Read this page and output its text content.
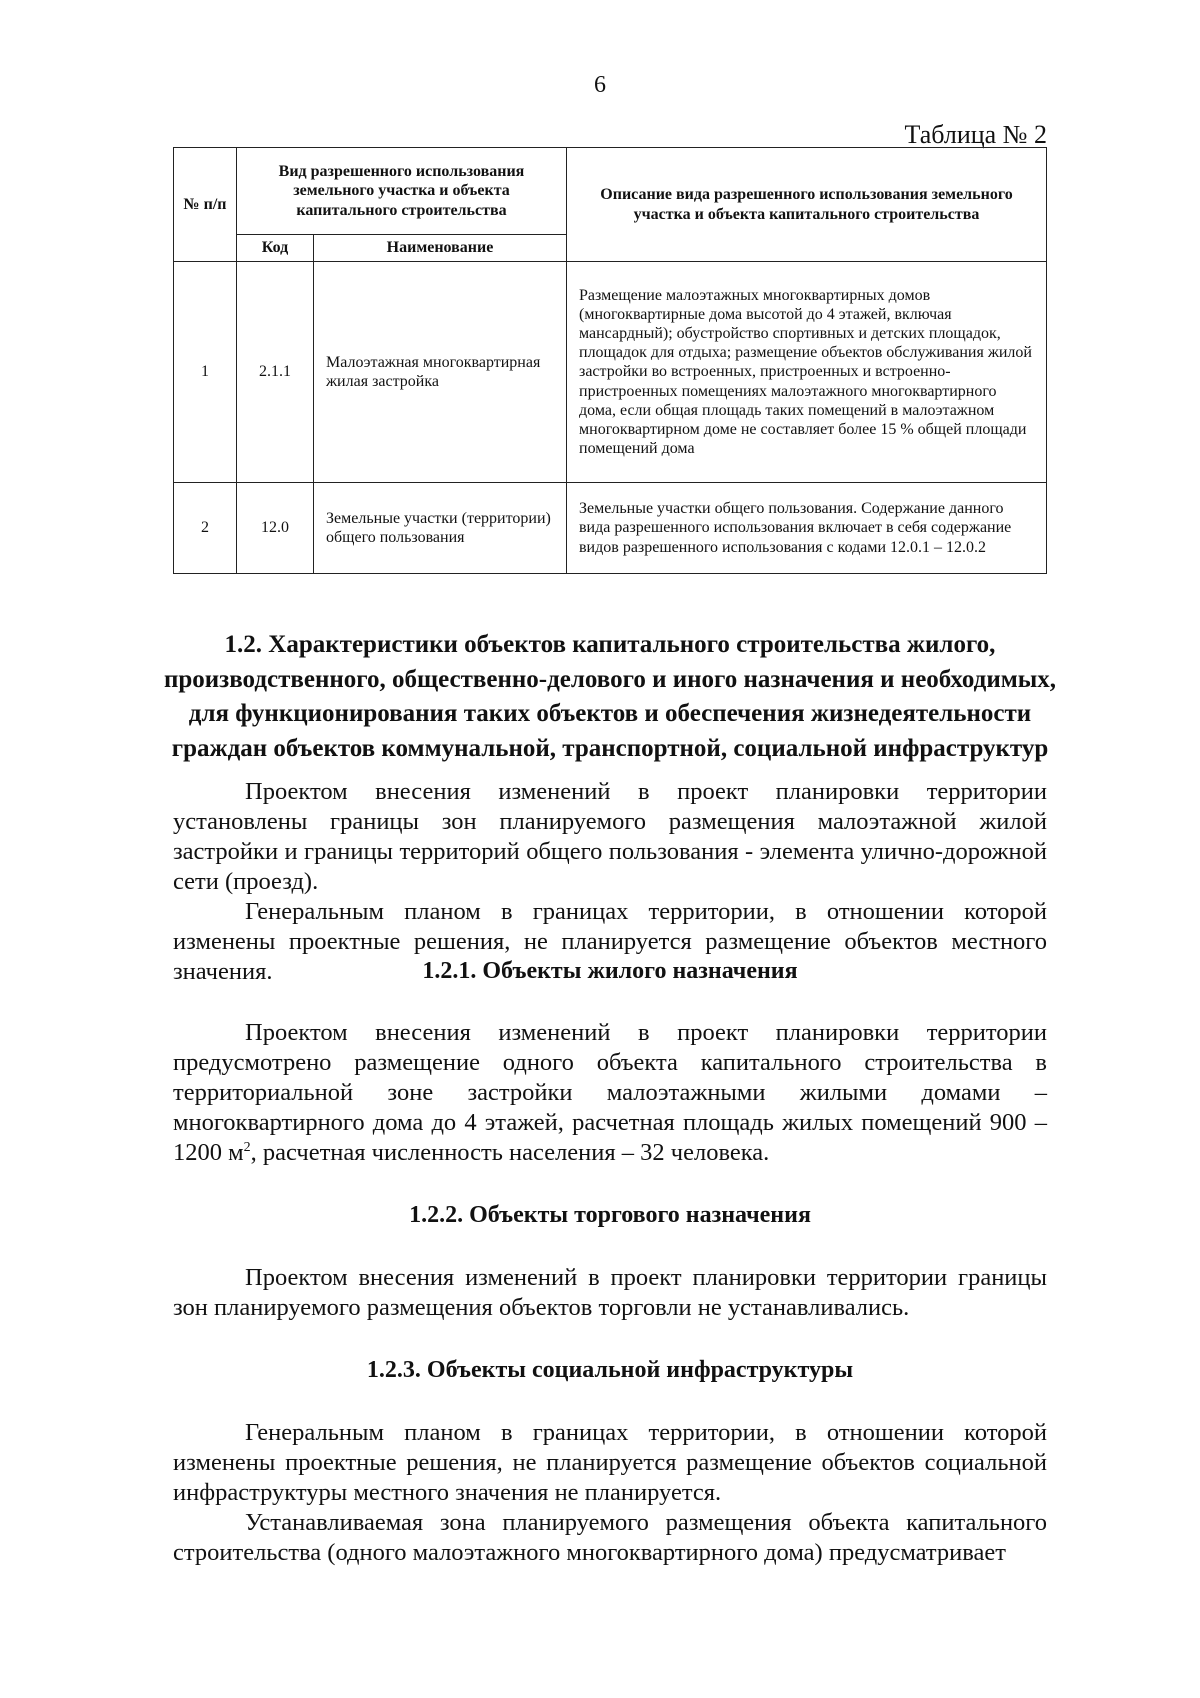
6
Таблица № 2
№ п/п	Вид разрешенного использования земельного участка и объекта капитального строительства		Описание вида разрешенного использования земельного участка и объекта капитального строительства
	Код	Наименование	
1	2.1.1	Малоэтажная многоквартирная жилая застройка	Размещение малоэтажных многоквартирных домов (многоквартирные дома высотой до 4 этажей, включая мансардный); обустройство спортивных и детских площадок, площадок для отдыха; размещение объектов обслуживания жилой застройки во встроенных, пристроенных и встроенно-пристроенных помещениях малоэтажного многоквартирного дома, если общая площадь таких помещений в малоэтажном многоквартирном доме не составляет более 15 % общей площади помещений дома
2	12.0	Земельные участки (территории) общего пользования	Земельные участки общего пользования. Содержание данного вида разрешенного использования включает в себя содержание видов разрешенного использования с кодами 12.0.1 – 12.0.2
1.2. Характеристики объектов капитального строительства жилого, производственного, общественно-делового и иного назначения и необходимых, для функционирования таких объектов и обеспечения жизнедеятельности граждан объектов коммунальной, транспортной, социальной инфраструктур

Проектом внесения изменений в проект планировки территории установлены границы зон планируемого размещения малоэтажной жилой застройки и границы территорий общего пользования - элемента улично-дорожной сети (проезд).

Генеральным планом в границах территории, в отношении которой изменены проектные решения, не планируется размещение объектов местного значения.	1.2.1. Объекты жилого назначения

Проектом внесения изменений в проект планировки территории предусмотрено размещение одного объекта капитального строительства в территориальной зоне застройки малоэтажными жилыми домами – многоквартирного дома до 4 этажей, расчетная площадь жилых помещений 900 – 1200 $м^2$, расчетная численность населения – 32 человека.

1.2.2. Объекты торгового назначения

Проектом внесения изменений в проект планировки территории границы зон планируемого размещения объектов торговли не устанавливались.

1.2.3. Объекты социальной инфраструктуры

Генеральным планом в границах территории, в отношении которой изменены проектные решения, не планируется размещение объектов социальной инфраструктуры местного значения не планируется.

Устанавливаемая зона планируемого размещения объекта капитального строительства (одного малоэтажного многоквартирного дома) предусматривает
